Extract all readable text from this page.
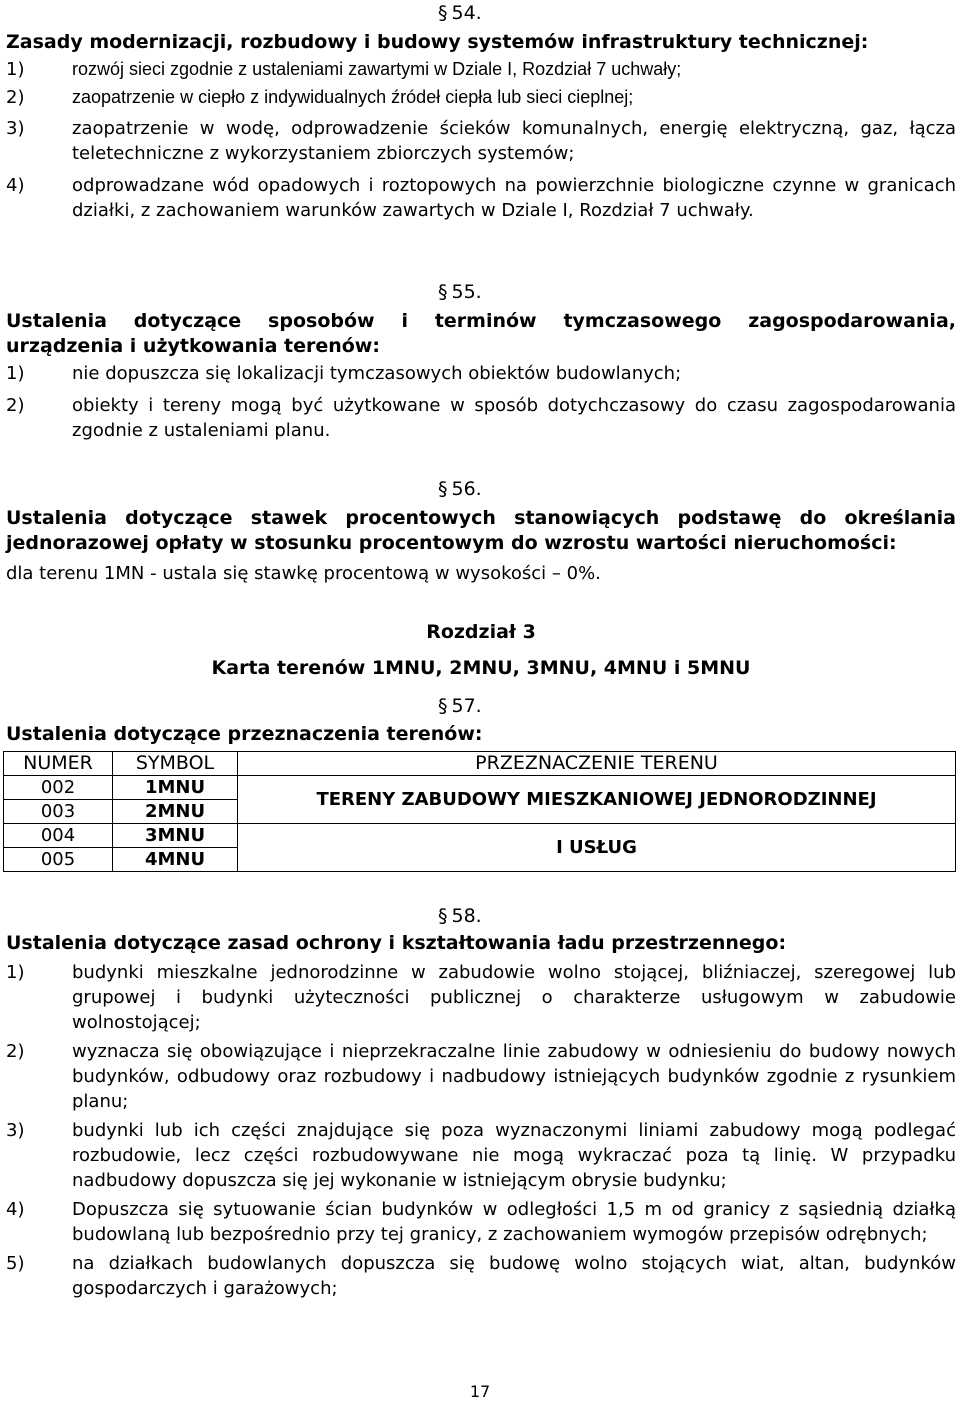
§ 54.
Zasady modernizacji, rozbudowy i budowy systemów infrastruktury technicznej:
1)	rozwój sieci zgodnie z ustaleniami zawartymi w Dziale I, Rozdział 7 uchwały;
2)	zaopatrzenie w ciepło z indywidualnych źródeł ciepła lub sieci cieplnej;
3)	zaopatrzenie w wodę, odprowadzenie ścieków komunalnych, energię elektryczną, gaz, łącza teletechniczne z wykorzystaniem zbiorczych systemów;
4)	odprowadzane wód opadowych i roztopowych na powierzchnie biologiczne czynne w granicach działki, z zachowaniem warunków zawartych w Dziale I, Rozdział 7 uchwały.
§ 55.
Ustalenia dotyczące sposobów i terminów tymczasowego zagospodarowania, urządzenia i użytkowania terenów:
1)	nie dopuszcza się lokalizacji tymczasowych obiektów budowlanych;
2)	obiekty i tereny mogą być użytkowane w sposób dotychczasowy do czasu zagospodarowania zgodnie z ustaleniami planu.
§ 56.
Ustalenia dotyczące stawek procentowych stanowiących podstawę do określania jednorazowej opłaty w stosunku procentowym do wzrostu wartości nieruchomości:
dla terenu 1MN - ustala się stawkę procentową w wysokości – 0%.
Rozdział 3
Karta terenów 1MNU, 2MNU, 3MNU, 4MNU i 5MNU
§ 57.
Ustalenia dotyczące przeznaczenia terenów:
NUMER	SYMBOL	PRZEZNACZENIE TERENU
002	1MNU	TERENY ZABUDOWY MIESZKANIOWEJ JEDNORODZINNEJ
003	2MNU	
004	3MNU	I USŁUG
005	4MNU	
§ 58.
Ustalenia dotyczące zasad ochrony i kształtowania ładu przestrzennego:
1)	budynki mieszkalne jednorodzinne w zabudowie wolno stojącej, bliźniaczej, szeregowej lub grupowej i budynki użyteczności publicznej o charakterze usługowym w zabudowie wolnostojącej;
2)	wyznacza się obowiązujące i nieprzekraczalne linie zabudowy w odniesieniu do budowy nowych budynków, odbudowy oraz rozbudowy i nadbudowy istniejących budynków zgodnie z rysunkiem planu;
3)	budynki lub ich części znajdujące się poza wyznaczonymi liniami zabudowy mogą podlegać rozbudowie, lecz części rozbudowywane nie mogą wykraczać poza tą linię. W przypadku nadbudowy dopuszcza się jej wykonanie w istniejącym obrysie budynku;
4)	Dopuszcza się sytuowanie ścian budynków w odległości 1,5 m od granicy z sąsiednią działką budowlaną lub bezpośrednio przy tej granicy, z zachowaniem wymogów przepisów odrębnych;
5)	na działkach budowlanych dopuszcza się budowę wolno stojących wiat, altan, budynków gospodarczych i garażowych;
17
